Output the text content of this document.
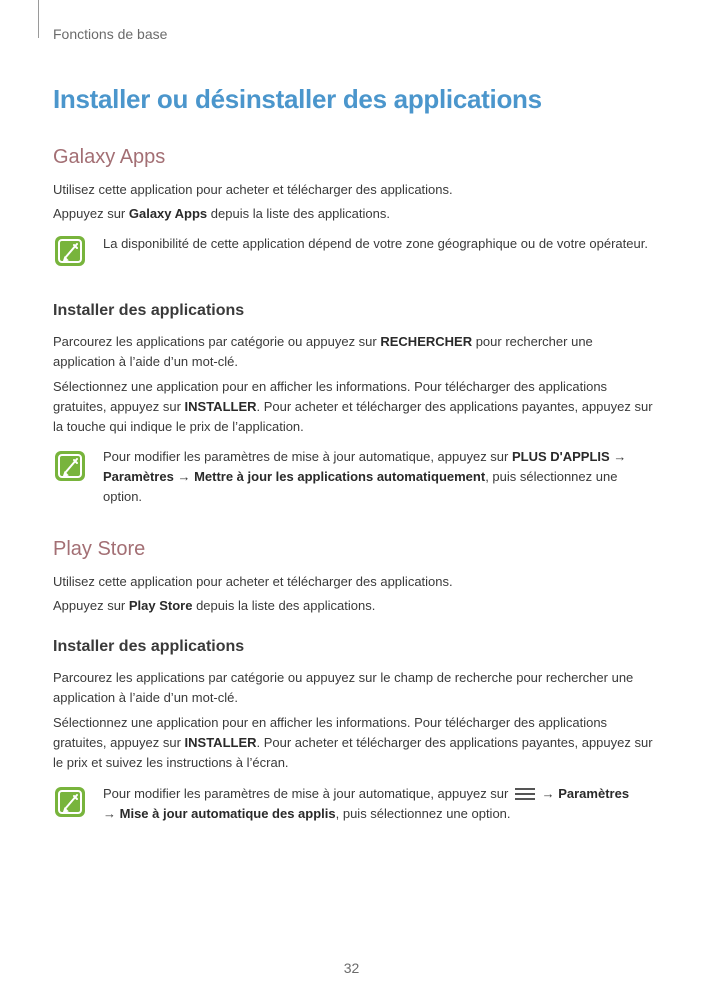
Fonctions de base
Installer ou désinstaller des applications
Galaxy Apps

Utilisez cette application pour acheter et télécharger des applications.

Appuyez sur Galaxy Apps depuis la liste des applications.

La disponibilité de cette application dépend de votre zone géographique ou de votre opérateur.

Installer des applications

Parcourez les applications par catégorie ou appuyez sur RECHERCHER pour rechercher une application à l’aide d’un mot-clé.

Sélectionnez une application pour en afficher les informations. Pour télécharger des applications gratuites, appuyez sur INSTALLER. Pour acheter et télécharger des applications payantes, appuyez sur la touche qui indique le prix de l’application.

Pour modifier les paramètres de mise à jour automatique, appuyez sur PLUS D'APPLIS → Paramètres → Mettre à jour les applications automatiquement, puis sélectionnez une option.

Play Store

Utilisez cette application pour acheter et télécharger des applications.

Appuyez sur Play Store depuis la liste des applications.

Installer des applications

Parcourez les applications par catégorie ou appuyez sur le champ de recherche pour rechercher une application à l’aide d’un mot-clé.

Sélectionnez une application pour en afficher les informations. Pour télécharger des applications gratuites, appuyez sur INSTALLER. Pour acheter et télécharger des applications payantes, appuyez sur le prix et suivez les instructions à l’écran.

Pour modifier les paramètres de mise à jour automatique, appuyez sur  → Paramètres
→ Mise à jour automatique des applis, puis sélectionnez une option.

32
